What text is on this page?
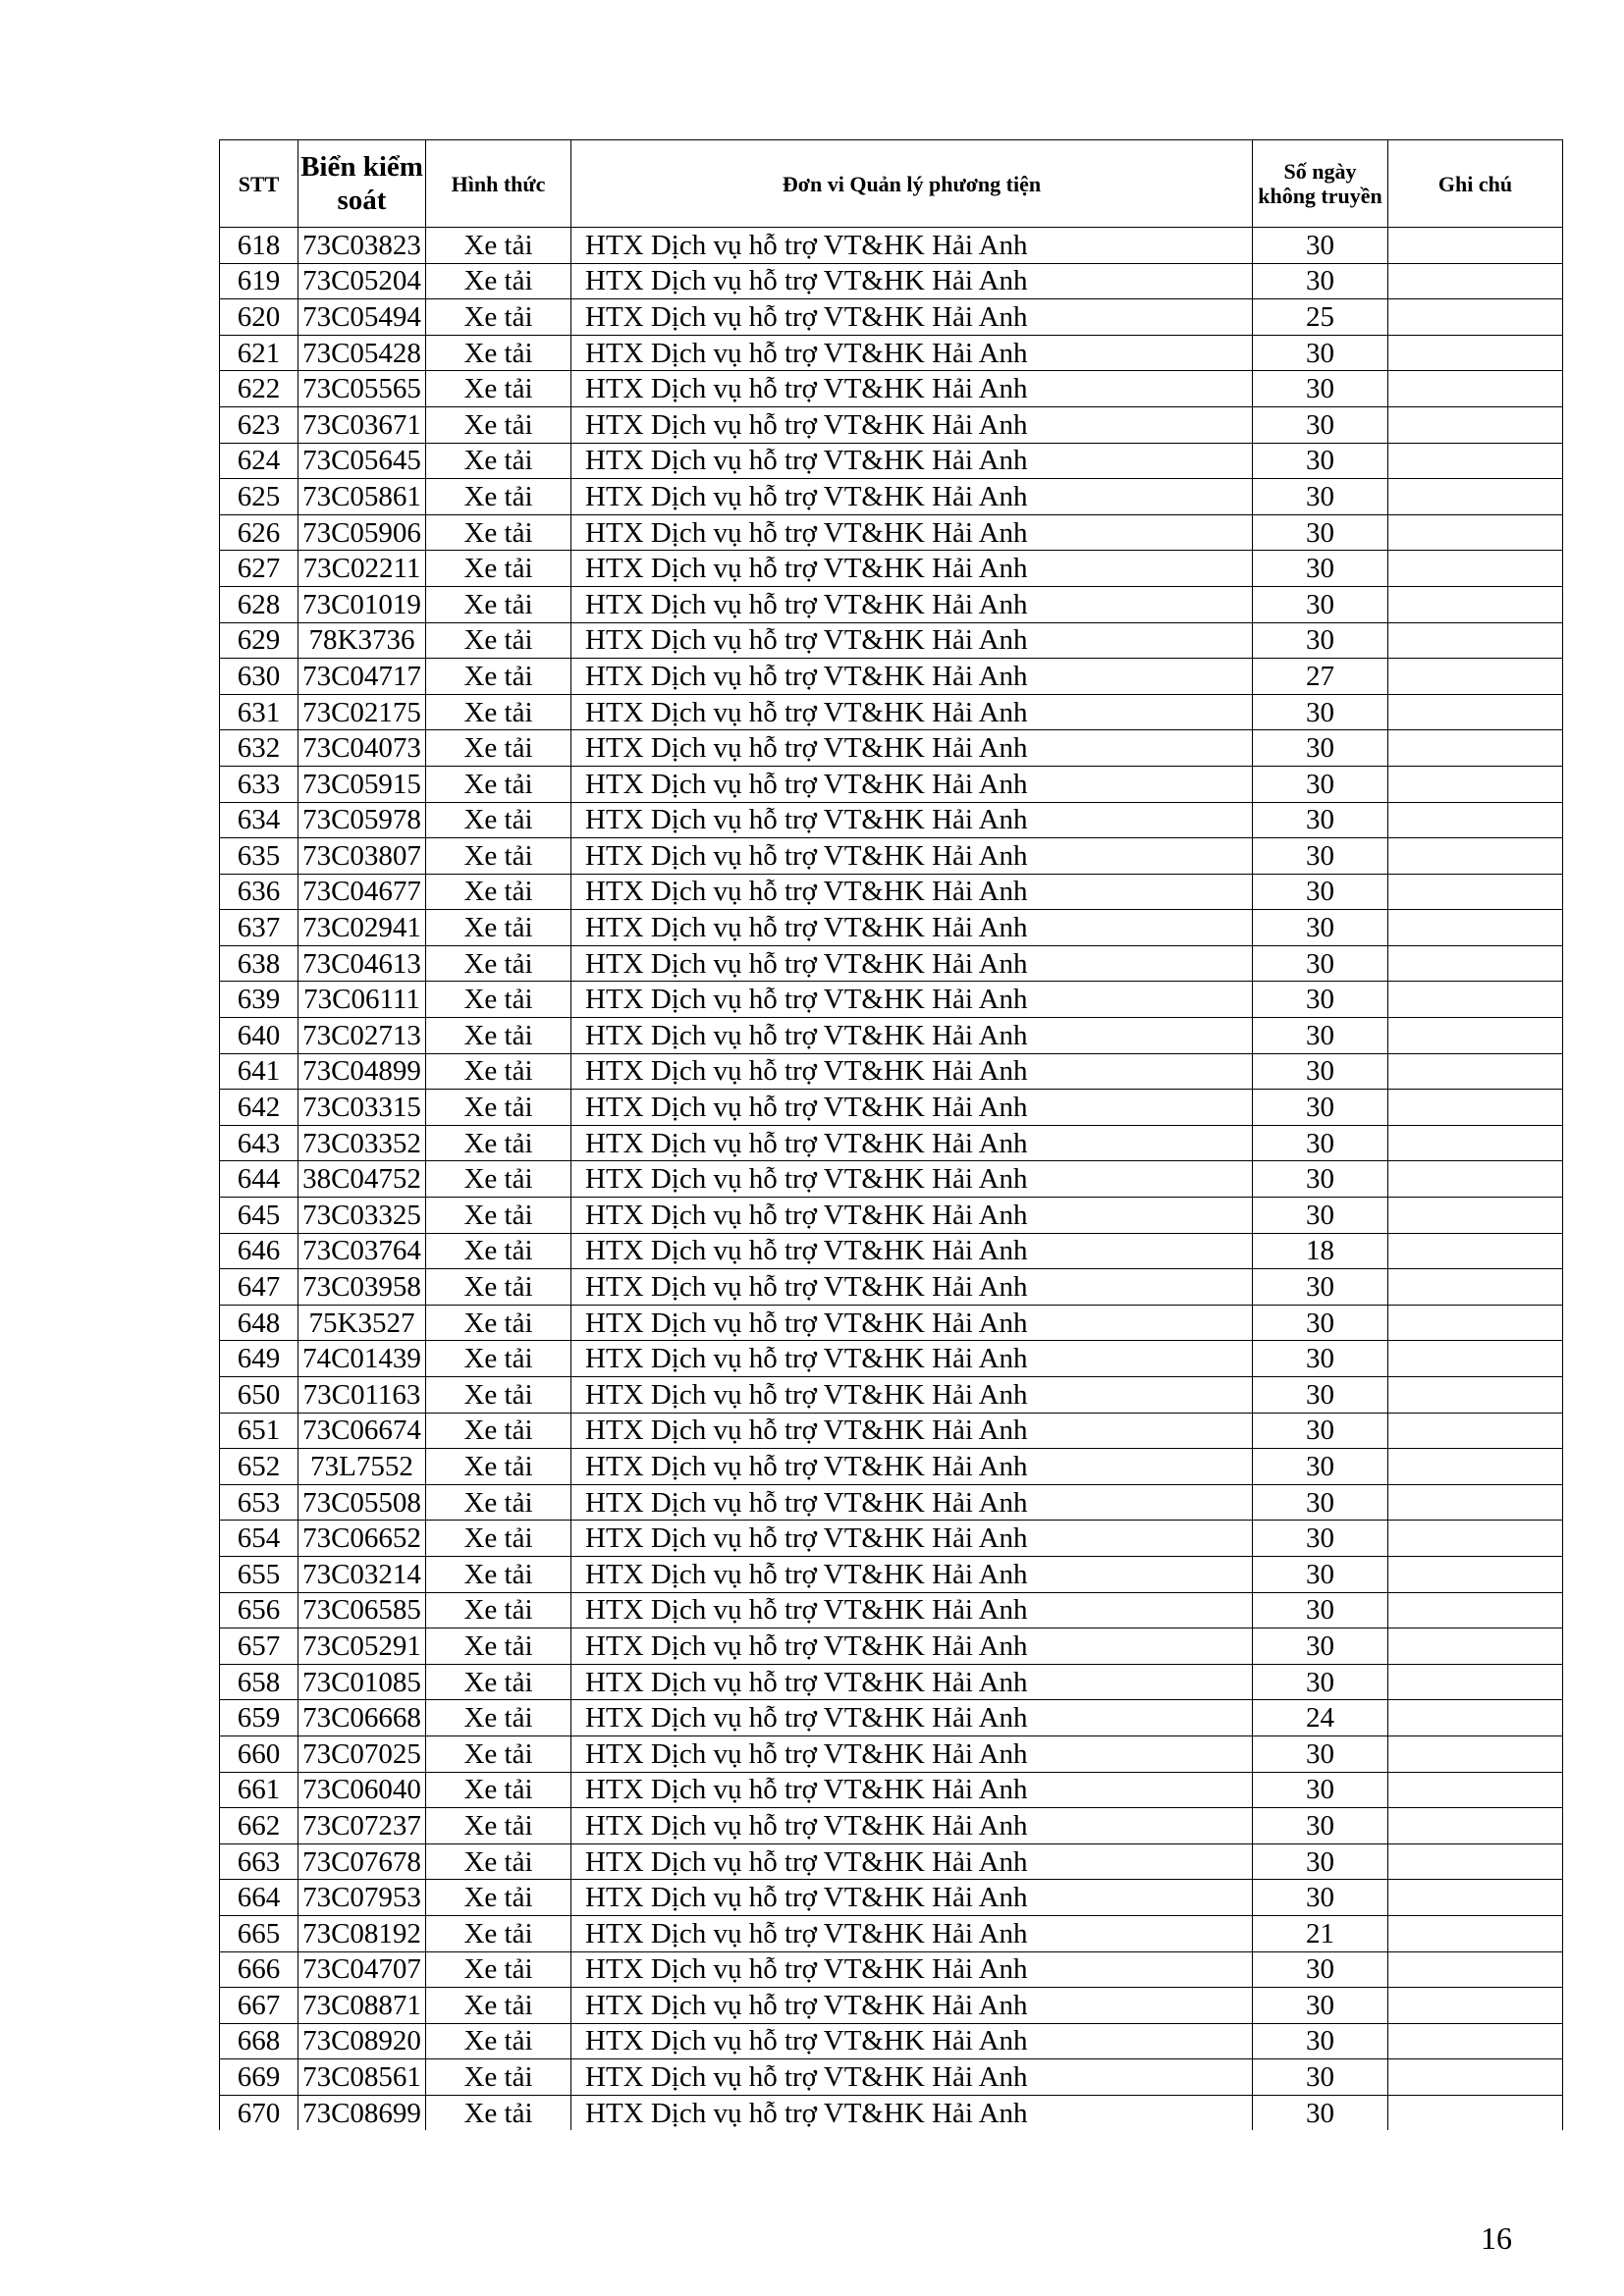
STT	Biển kiểm soát	Hình thức	Đơn vi Quản lý phương tiện	Số ngày không truyền	Ghi chú
618	73C03823	Xe tải	HTX Dịch vụ hỗ trợ VT&HK Hải Anh	30	
619	73C05204	Xe tải	HTX Dịch vụ hỗ trợ VT&HK Hải Anh	30	
620	73C05494	Xe tải	HTX Dịch vụ hỗ trợ VT&HK Hải Anh	25	
621	73C05428	Xe tải	HTX Dịch vụ hỗ trợ VT&HK Hải Anh	30	
622	73C05565	Xe tải	HTX Dịch vụ hỗ trợ VT&HK Hải Anh	30	
623	73C03671	Xe tải	HTX Dịch vụ hỗ trợ VT&HK Hải Anh	30	
624	73C05645	Xe tải	HTX Dịch vụ hỗ trợ VT&HK Hải Anh	30	
625	73C05861	Xe tải	HTX Dịch vụ hỗ trợ VT&HK Hải Anh	30	
626	73C05906	Xe tải	HTX Dịch vụ hỗ trợ VT&HK Hải Anh	30	
627	73C02211	Xe tải	HTX Dịch vụ hỗ trợ VT&HK Hải Anh	30	
628	73C01019	Xe tải	HTX Dịch vụ hỗ trợ VT&HK Hải Anh	30	
629	78K3736	Xe tải	HTX Dịch vụ hỗ trợ VT&HK Hải Anh	30	
630	73C04717	Xe tải	HTX Dịch vụ hỗ trợ VT&HK Hải Anh	27	
631	73C02175	Xe tải	HTX Dịch vụ hỗ trợ VT&HK Hải Anh	30	
632	73C04073	Xe tải	HTX Dịch vụ hỗ trợ VT&HK Hải Anh	30	
633	73C05915	Xe tải	HTX Dịch vụ hỗ trợ VT&HK Hải Anh	30	
634	73C05978	Xe tải	HTX Dịch vụ hỗ trợ VT&HK Hải Anh	30	
635	73C03807	Xe tải	HTX Dịch vụ hỗ trợ VT&HK Hải Anh	30	
636	73C04677	Xe tải	HTX Dịch vụ hỗ trợ VT&HK Hải Anh	30	
637	73C02941	Xe tải	HTX Dịch vụ hỗ trợ VT&HK Hải Anh	30	
638	73C04613	Xe tải	HTX Dịch vụ hỗ trợ VT&HK Hải Anh	30	
639	73C06111	Xe tải	HTX Dịch vụ hỗ trợ VT&HK Hải Anh	30	
640	73C02713	Xe tải	HTX Dịch vụ hỗ trợ VT&HK Hải Anh	30	
641	73C04899	Xe tải	HTX Dịch vụ hỗ trợ VT&HK Hải Anh	30	
642	73C03315	Xe tải	HTX Dịch vụ hỗ trợ VT&HK Hải Anh	30	
643	73C03352	Xe tải	HTX Dịch vụ hỗ trợ VT&HK Hải Anh	30	
644	38C04752	Xe tải	HTX Dịch vụ hỗ trợ VT&HK Hải Anh	30	
645	73C03325	Xe tải	HTX Dịch vụ hỗ trợ VT&HK Hải Anh	30	
646	73C03764	Xe tải	HTX Dịch vụ hỗ trợ VT&HK Hải Anh	18	
647	73C03958	Xe tải	HTX Dịch vụ hỗ trợ VT&HK Hải Anh	30	
648	75K3527	Xe tải	HTX Dịch vụ hỗ trợ VT&HK Hải Anh	30	
649	74C01439	Xe tải	HTX Dịch vụ hỗ trợ VT&HK Hải Anh	30	
650	73C01163	Xe tải	HTX Dịch vụ hỗ trợ VT&HK Hải Anh	30	
651	73C06674	Xe tải	HTX Dịch vụ hỗ trợ VT&HK Hải Anh	30	
652	73L7552	Xe tải	HTX Dịch vụ hỗ trợ VT&HK Hải Anh	30	
653	73C05508	Xe tải	HTX Dịch vụ hỗ trợ VT&HK Hải Anh	30	
654	73C06652	Xe tải	HTX Dịch vụ hỗ trợ VT&HK Hải Anh	30	
655	73C03214	Xe tải	HTX Dịch vụ hỗ trợ VT&HK Hải Anh	30	
656	73C06585	Xe tải	HTX Dịch vụ hỗ trợ VT&HK Hải Anh	30	
657	73C05291	Xe tải	HTX Dịch vụ hỗ trợ VT&HK Hải Anh	30	
658	73C01085	Xe tải	HTX Dịch vụ hỗ trợ VT&HK Hải Anh	30	
659	73C06668	Xe tải	HTX Dịch vụ hỗ trợ VT&HK Hải Anh	24	
660	73C07025	Xe tải	HTX Dịch vụ hỗ trợ VT&HK Hải Anh	30	
661	73C06040	Xe tải	HTX Dịch vụ hỗ trợ VT&HK Hải Anh	30	
662	73C07237	Xe tải	HTX Dịch vụ hỗ trợ VT&HK Hải Anh	30	
663	73C07678	Xe tải	HTX Dịch vụ hỗ trợ VT&HK Hải Anh	30	
664	73C07953	Xe tải	HTX Dịch vụ hỗ trợ VT&HK Hải Anh	30	
665	73C08192	Xe tải	HTX Dịch vụ hỗ trợ VT&HK Hải Anh	21	
666	73C04707	Xe tải	HTX Dịch vụ hỗ trợ VT&HK Hải Anh	30	
667	73C08871	Xe tải	HTX Dịch vụ hỗ trợ VT&HK Hải Anh	30	
668	73C08920	Xe tải	HTX Dịch vụ hỗ trợ VT&HK Hải Anh	30	
669	73C08561	Xe tải	HTX Dịch vụ hỗ trợ VT&HK Hải Anh	30	
670	73C08699	Xe tải	HTX Dịch vụ hỗ trợ VT&HK Hải Anh	30	
16
